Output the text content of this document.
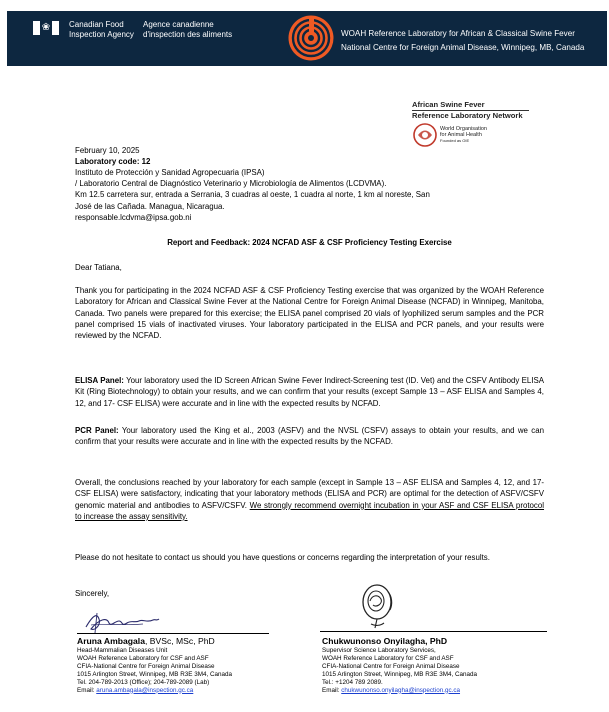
❀ Canadian Food
Inspection Agency
Agence canadienne
d'inspection des aliments	WOAH Reference Laboratory for African & Classical Swine Fever
National Centre for Foreign Animal Disease, Winnipeg, MB, Canada
African Swine Fever
Reference Laboratory Network
World Organisation
for Animal Health
Founded as OIE
February 10, 2025
Laboratory code: 12
Instituto de Protección y Sanidad Agropecuaria (IPSA)
/ Laboratorio Central de Diagnóstico Veterinario y Microbiología de Alimentos (LCDVMA).
Km 12.5 carretera sur, entrada a Serrania, 3 cuadras al oeste, 1 cuadra al norte, 1 km al noreste, San
José de las Cañada. Managua, Nicaragua.
responsable.lcdvma@ipsa.gob.ni
Report and Feedback: 2024 NCFAD ASF & CSF Proficiency Testing Exercise
Dear Tatiana,
Thank you for participating in the 2024 NCFAD ASF & CSF Proficiency Testing exercise that was organized by the WOAH Reference Laboratory for African and Classical Swine Fever at the National Centre for Foreign Animal Disease (NCFAD) in Winnipeg, Manitoba, Canada. Two panels were prepared for this exercise; the ELISA panel comprised 20 vials of lyophilized serum samples and the PCR panel comprised 15 vials of inactivated viruses. Your laboratory participated in the ELISA and PCR panels, and your results were reviewed by the NCFAD.
ELISA Panel: Your laboratory used the ID Screen African Swine Fever Indirect-Screening test (ID. Vet) and the CSFV Antibody ELISA Kit (Ring Biotechnology) to obtain your results, and we can confirm that your results (except Sample 13 – ASF ELISA and Samples 4, 12, and 17- CSF ELISA) were accurate and in line with the expected results by NCFAD.
PCR Panel: Your laboratory used the King et al., 2003 (ASFV) and the NVSL (CSFV) assays to obtain your results, and we can confirm that your results were accurate and in line with the expected results by the NCFAD.
Overall, the conclusions reached by your laboratory for each sample (except in Sample 13 – ASF ELISA and Samples 4, 12, and 17- CSF ELISA) were satisfactory, indicating that your laboratory methods (ELISA and PCR) are optimal for the detection of ASFV/CSFV genomic material and antibodies to ASFV/CSFV. We strongly recommend overnight incubation in your ASF and CSF ELISA protocol to increase the assay sensitivity.
Please do not hesitate to contact us should you have questions or concerns regarding the interpretation of your results.
Sincerely,
Aruna Ambagala, BVSc, MSc, PhD
Head-Mammalian Diseases Unit
WOAH Reference Laboratory for CSF and ASF
CFIA-National Centre for Foreign Animal Disease
1015 Arlington Street, Winnipeg, MB R3E 3M4, Canada
Tel. 204-789-2013 (Office); 204-789-2089 (Lab)
Email: aruna.ambagala@inspection.gc.ca
Chukwunonso Onyilagha, PhD
Supervisor Science Laboratory Services,
WOAH Reference Laboratory for CSF and ASF
CFIA-National Centre for Foreign Animal Disease
1015 Arlington Street, Winnipeg, MB R3E 3M4, Canada
Tel.: +1204 789 2089.
Email: chukwunonso.onyilagha@inspection.gc.ca
